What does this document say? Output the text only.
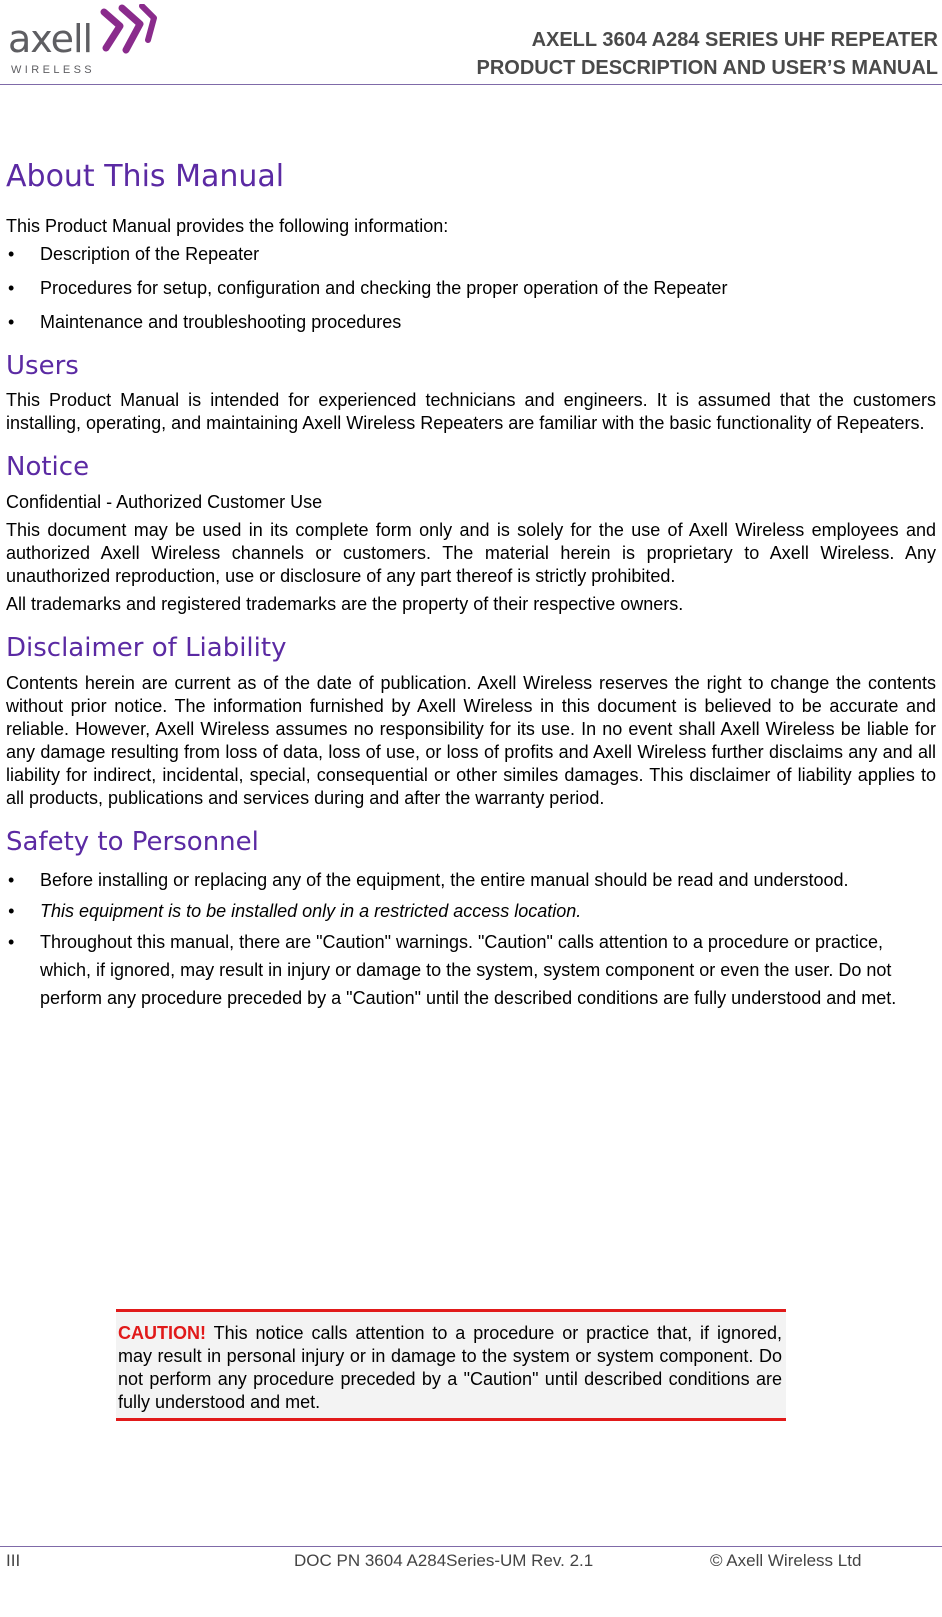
axell
WIRELESS
AXELL 3604 A284 SERIES UHF REPEATER
PRODUCT DESCRIPTION AND USER’S MANUAL
About This Manual

This Product Manual provides the following information:

• Description of the Repeater
• Procedures for setup, configuration and checking the proper operation of the Repeater
• Maintenance and troubleshooting procedures
Users

This Product Manual is intended for experienced technicians and engineers. It is assumed that the customers installing, operating, and maintaining Axell Wireless Repeaters are familiar with the basic functionality of Repeaters.

Notice

Confidential - Authorized Customer Use

This document may be used in its complete form only and is solely for the use of Axell Wireless employees and authorized Axell Wireless channels or customers. The material herein is proprietary to Axell Wireless. Any unauthorized reproduction, use or disclosure of any part thereof is strictly prohibited.

All trademarks and registered trademarks are the property of their respective owners.

Disclaimer of Liability

Contents herein are current as of the date of publication. Axell Wireless reserves the right to change the contents without prior notice. The information furnished by Axell Wireless in this document is believed to be accurate and reliable. However, Axell Wireless assumes no responsibility for its use. In no event shall Axell Wireless be liable for any damage resulting from loss of data, loss of use, or loss of profits and Axell Wireless further disclaims any and all liability for indirect, incidental, special, consequential or other similes damages. This disclaimer of liability applies to all products, publications and services during and after the warranty period.

Safety to Personnel
• Before installing or replacing any of the equipment, the entire manual should be read and understood.
• This equipment is to be installed only in a restricted access location.
• Throughout this manual, there are "Caution" warnings. "Caution" calls attention to a procedure or practice, which, if ignored, may result in injury or damage to the system, system component or even the user. Do not perform any procedure preceded by a "Caution" until the described conditions are fully understood and met.
CAUTION! This notice calls attention to a procedure or practice that, if ignored, may result in personal injury or in damage to the system or system component. Do not perform any procedure preceded by a "Caution" until described conditions are fully understood and met.
III	DOC PN 3604 A284Series-UM Rev. 2.1	© Axell Wireless Ltd
